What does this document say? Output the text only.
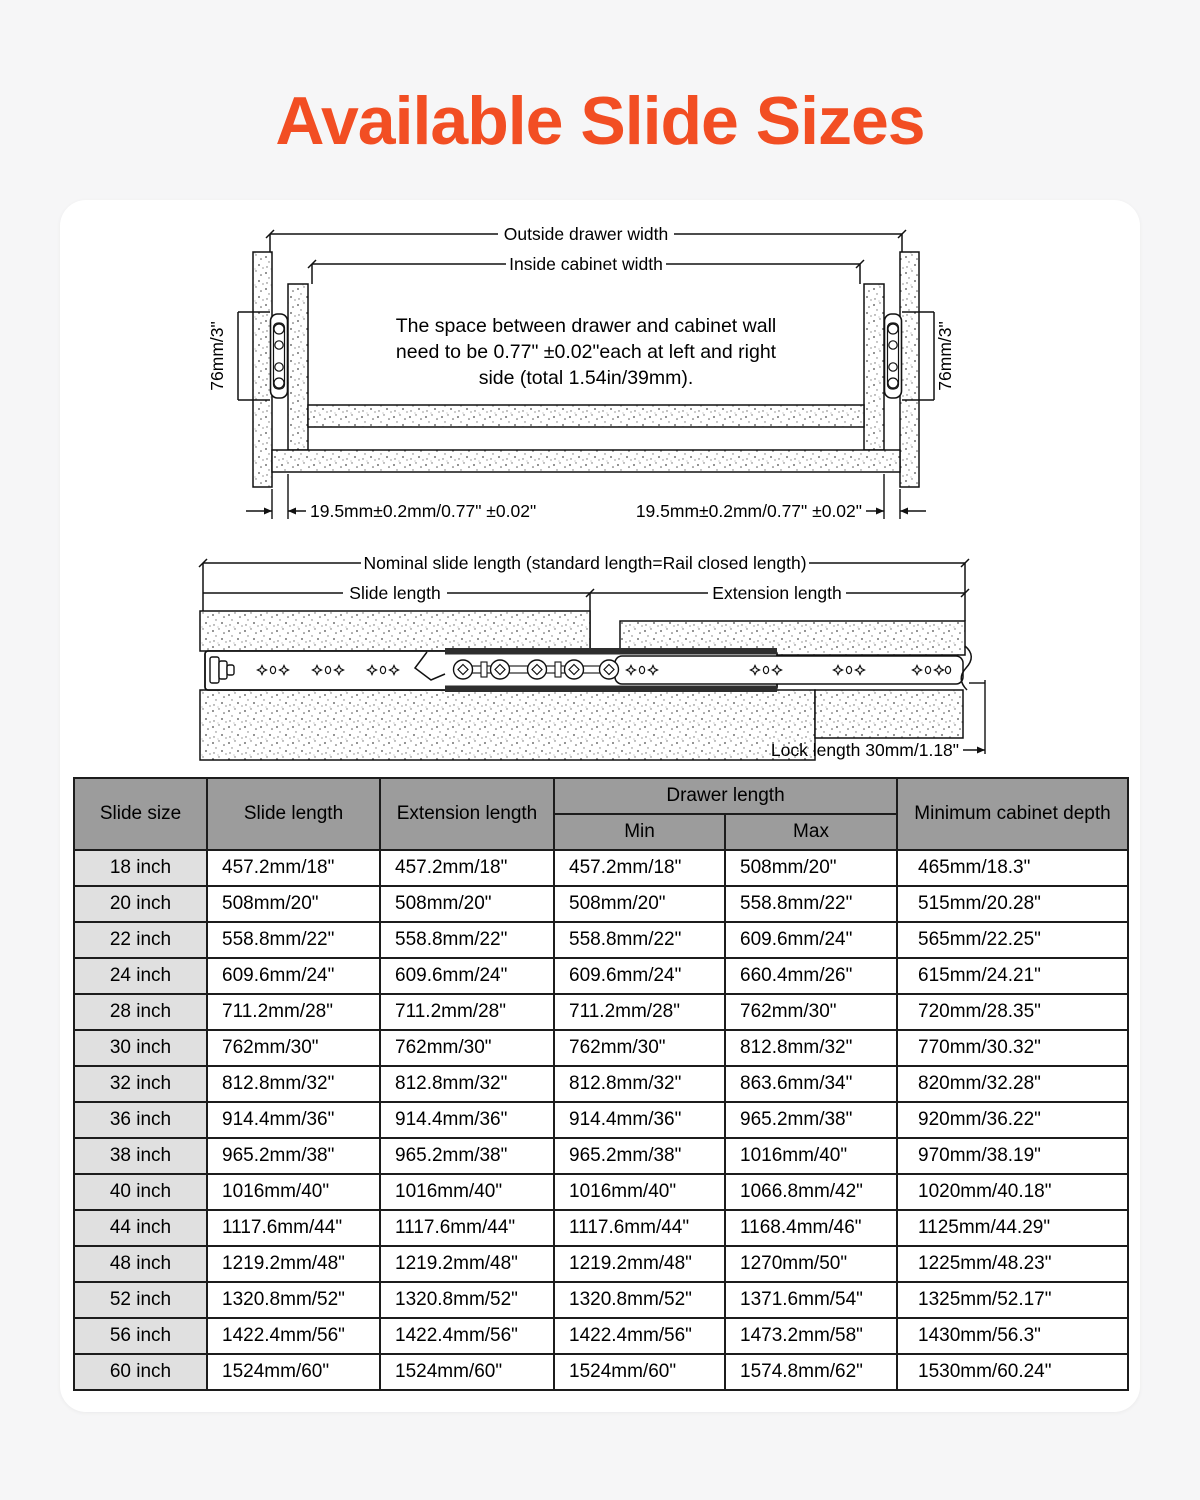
Available Slide Sizes
Outside drawer width
Inside cabinet width
76mm/3"	76mm/3"
The space between drawer and cabinet wall
need to be 0.77" ±0.02"each at left and right
side (total 1.54in/39mm).
19.5mm±0.2mm/0.77" ±0.02"	19.5mm±0.2mm/0.77" ±0.02"
Nominal slide length (standard length=Rail closed length)
Slide length	Extension length
Lock length 30mm/1.18"
Slide size	Slide length	Extension length	Drawer length		Minimum cabinet depth
			Min	Max	
18 inch	457.2mm/18"	457.2mm/18"	457.2mm/18"	508mm/20"	465mm/18.3"
20 inch	508mm/20"	508mm/20"	508mm/20"	558.8mm/22"	515mm/20.28"
22 inch	558.8mm/22"	558.8mm/22"	558.8mm/22"	609.6mm/24"	565mm/22.25"
24 inch	609.6mm/24"	609.6mm/24"	609.6mm/24"	660.4mm/26"	615mm/24.21"
28 inch	711.2mm/28"	711.2mm/28"	711.2mm/28"	762mm/30"	720mm/28.35"
30 inch	762mm/30"	762mm/30"	762mm/30"	812.8mm/32"	770mm/30.32"
32 inch	812.8mm/32"	812.8mm/32"	812.8mm/32"	863.6mm/34"	820mm/32.28"
36 inch	914.4mm/36"	914.4mm/36"	914.4mm/36"	965.2mm/38"	920mm/36.22"
38 inch	965.2mm/38"	965.2mm/38"	965.2mm/38"	1016mm/40"	970mm/38.19"
40 inch	1016mm/40"	1016mm/40"	1016mm/40"	1066.8mm/42"	1020mm/40.18"
44 inch	1117.6mm/44"	1117.6mm/44"	1117.6mm/44"	1168.4mm/46"	1125mm/44.29"
48 inch	1219.2mm/48"	1219.2mm/48"	1219.2mm/48"	1270mm/50"	1225mm/48.23"
52 inch	1320.8mm/52"	1320.8mm/52"	1320.8mm/52"	1371.6mm/54"	1325mm/52.17"
56 inch	1422.4mm/56"	1422.4mm/56"	1422.4mm/56"	1473.2mm/58"	1430mm/56.3"
60 inch	1524mm/60"	1524mm/60"	1524mm/60"	1574.8mm/62"	1530mm/60.24"
